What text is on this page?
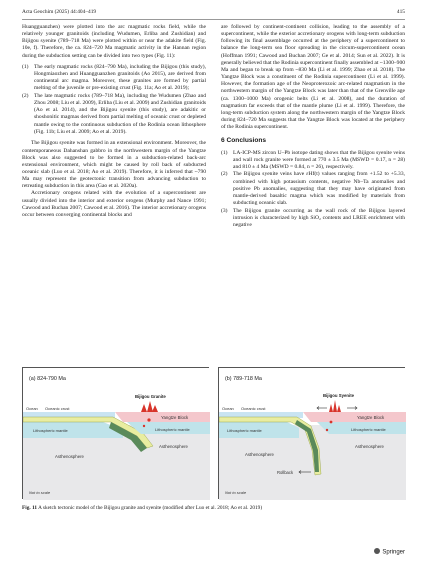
Acta Geochim (2025) 44:404–419	415

Huangguanzhen) were plotted into the arc magmatic rocks field, while the relatively younger granitoids (including Wudumen, Erliba and Zushidian) and Bijigou syenite (789–718 Ma) were plotted within or near the adakite field (Fig. 10e, f). Therefore, the ca. 824–720 Ma magmatic activity in the Hannan region during the subduction setting can be divided into two types (Fig. 11):

(1) The early magmatic rocks (824–790 Ma), including the Bijigou (this study), Hongmiaozhen and Huangguanzhen granitoids (Ao 2015), are derived from continental arc magma. Moreover, these granites are formed by partial melting of the juvenile or pre-existing crust (Fig. 11a; Ao et al. 2019);
(2) The late magmatic rocks (789–718 Ma), including the Wudumen (Zhao and Zhou 2008; Liu et al. 2009), Erliba (Liu et al. 2009) and Zushidian granitoids (Ao et al. 2014), and the Bijigou syenite (this study), are adakitic or shoshonitic magmas derived from partial melting of oceanic crust or depleted mantle owing to the continuous subduction of the Rodinia ocean lithosphere (Fig. 11b; Liu et al. 2009; Ao et al. 2019).

The Bijigou syenite was formed in an extensional environment. Moreover, the contemporaneous Dahanshan gabbro in the northwestern margin of the Yangtze Block was also suggested to be formed in a subduction-related back-arc extensional environment, which might be caused by roll back of subducted oceanic slab (Luo et al. 2018; Ao et al. 2019). Therefore, it is inferred that ~790 Ma may represent the geotectonic transition from advancing subduction to retreating subduction in this area (Gao et al. 2020a).

Accretionary orogens related with the evolution of a supercontinent are usually divided into the interior and exterior orogens (Murphy and Nance 1991; Cawood and Buchan 2007; Cawood et al. 2016). The interior accretionary orogens occur between converging continental blocks and

are followed by continent-continent collision, leading to the assembly of a supercontinent, while the exterior accretionary orogens with long-term subduction following its final assemblage occurred at the periphery of a supercontinent to balance the long-term sea floor spreading in the circum-supercontinent ocean (Hoffman 1991; Cawood and Buchan 2007; Ge et al. 2014; Sun et al. 2022). It is generally believed that the Rodinia supercontinent finally assembled at ~1300–900 Ma and began to break up from ~830 Ma (Li et al. 1999; Zhao et al. 2018). The Yangtze Block was a constituent of the Rodinia supercontinent (Li et al. 1999). However, the formation age of the Neoproterozoic arc-related magmatism in the northwestern margin of the Yangtze Block was later than that of the Grenville age (ca. 1300–1000 Ma) orogenic belts (Li et al. 2008), and the duration of magmatism far exceeds that of the mantle plume (Li et al. 1999). Therefore, the long-term subduction system along the northwestern margin of the Yangtze Block during 824–720 Ma suggests that the Yangtze Block was located at the periphery of the Rodinia supercontinent.

6 Conclusions
(1) LA-ICP-MS zircon U–Pb isotope dating shows that the Bijigou syenite veins and wall rock granite were formed at 770 ± 3.5 Ma (MSWD = 0.17, n = 28) and 810 ± 4 Ma (MSWD = 0.84, n = 26), respectively.
(2) The Bijigou syenite veins have εHf(t) values ranging from +1.52 to +5.33, combined with high potassium contents, negative Nb–Ta anomalies and positive Pb anomalies, suggesting that they may have originated from mantle-derived basaltic magma which was modified by materials from subducting oceanic slab.
(3) The Bijigou granite occurring as the wall rock of the Bijigou layered intrusion is characterized by high SiO₂ contents and LREE enrichment with negative
(a) 824-790 Ma
Bijigou Granite
Ocean Oceanic crust
Yangtze Block
Lithospheric mantle	Lithospheric mantle
Asthenosphere
Asthenosphere
Not to scale
(b) 789-718 Ma
Bijigou Syenite
Ocean Oceanic crust
Yangtze Block
Lithospheric mantle	Lithospheric mantle
Asthenosphere
Asthenosphere
Rollback
Not to scale
Fig. 11 A sketch tectonic model of the Bijigou granite and syenite (modified after Luo et al. 2018; Ao et al. 2019)
Springer
